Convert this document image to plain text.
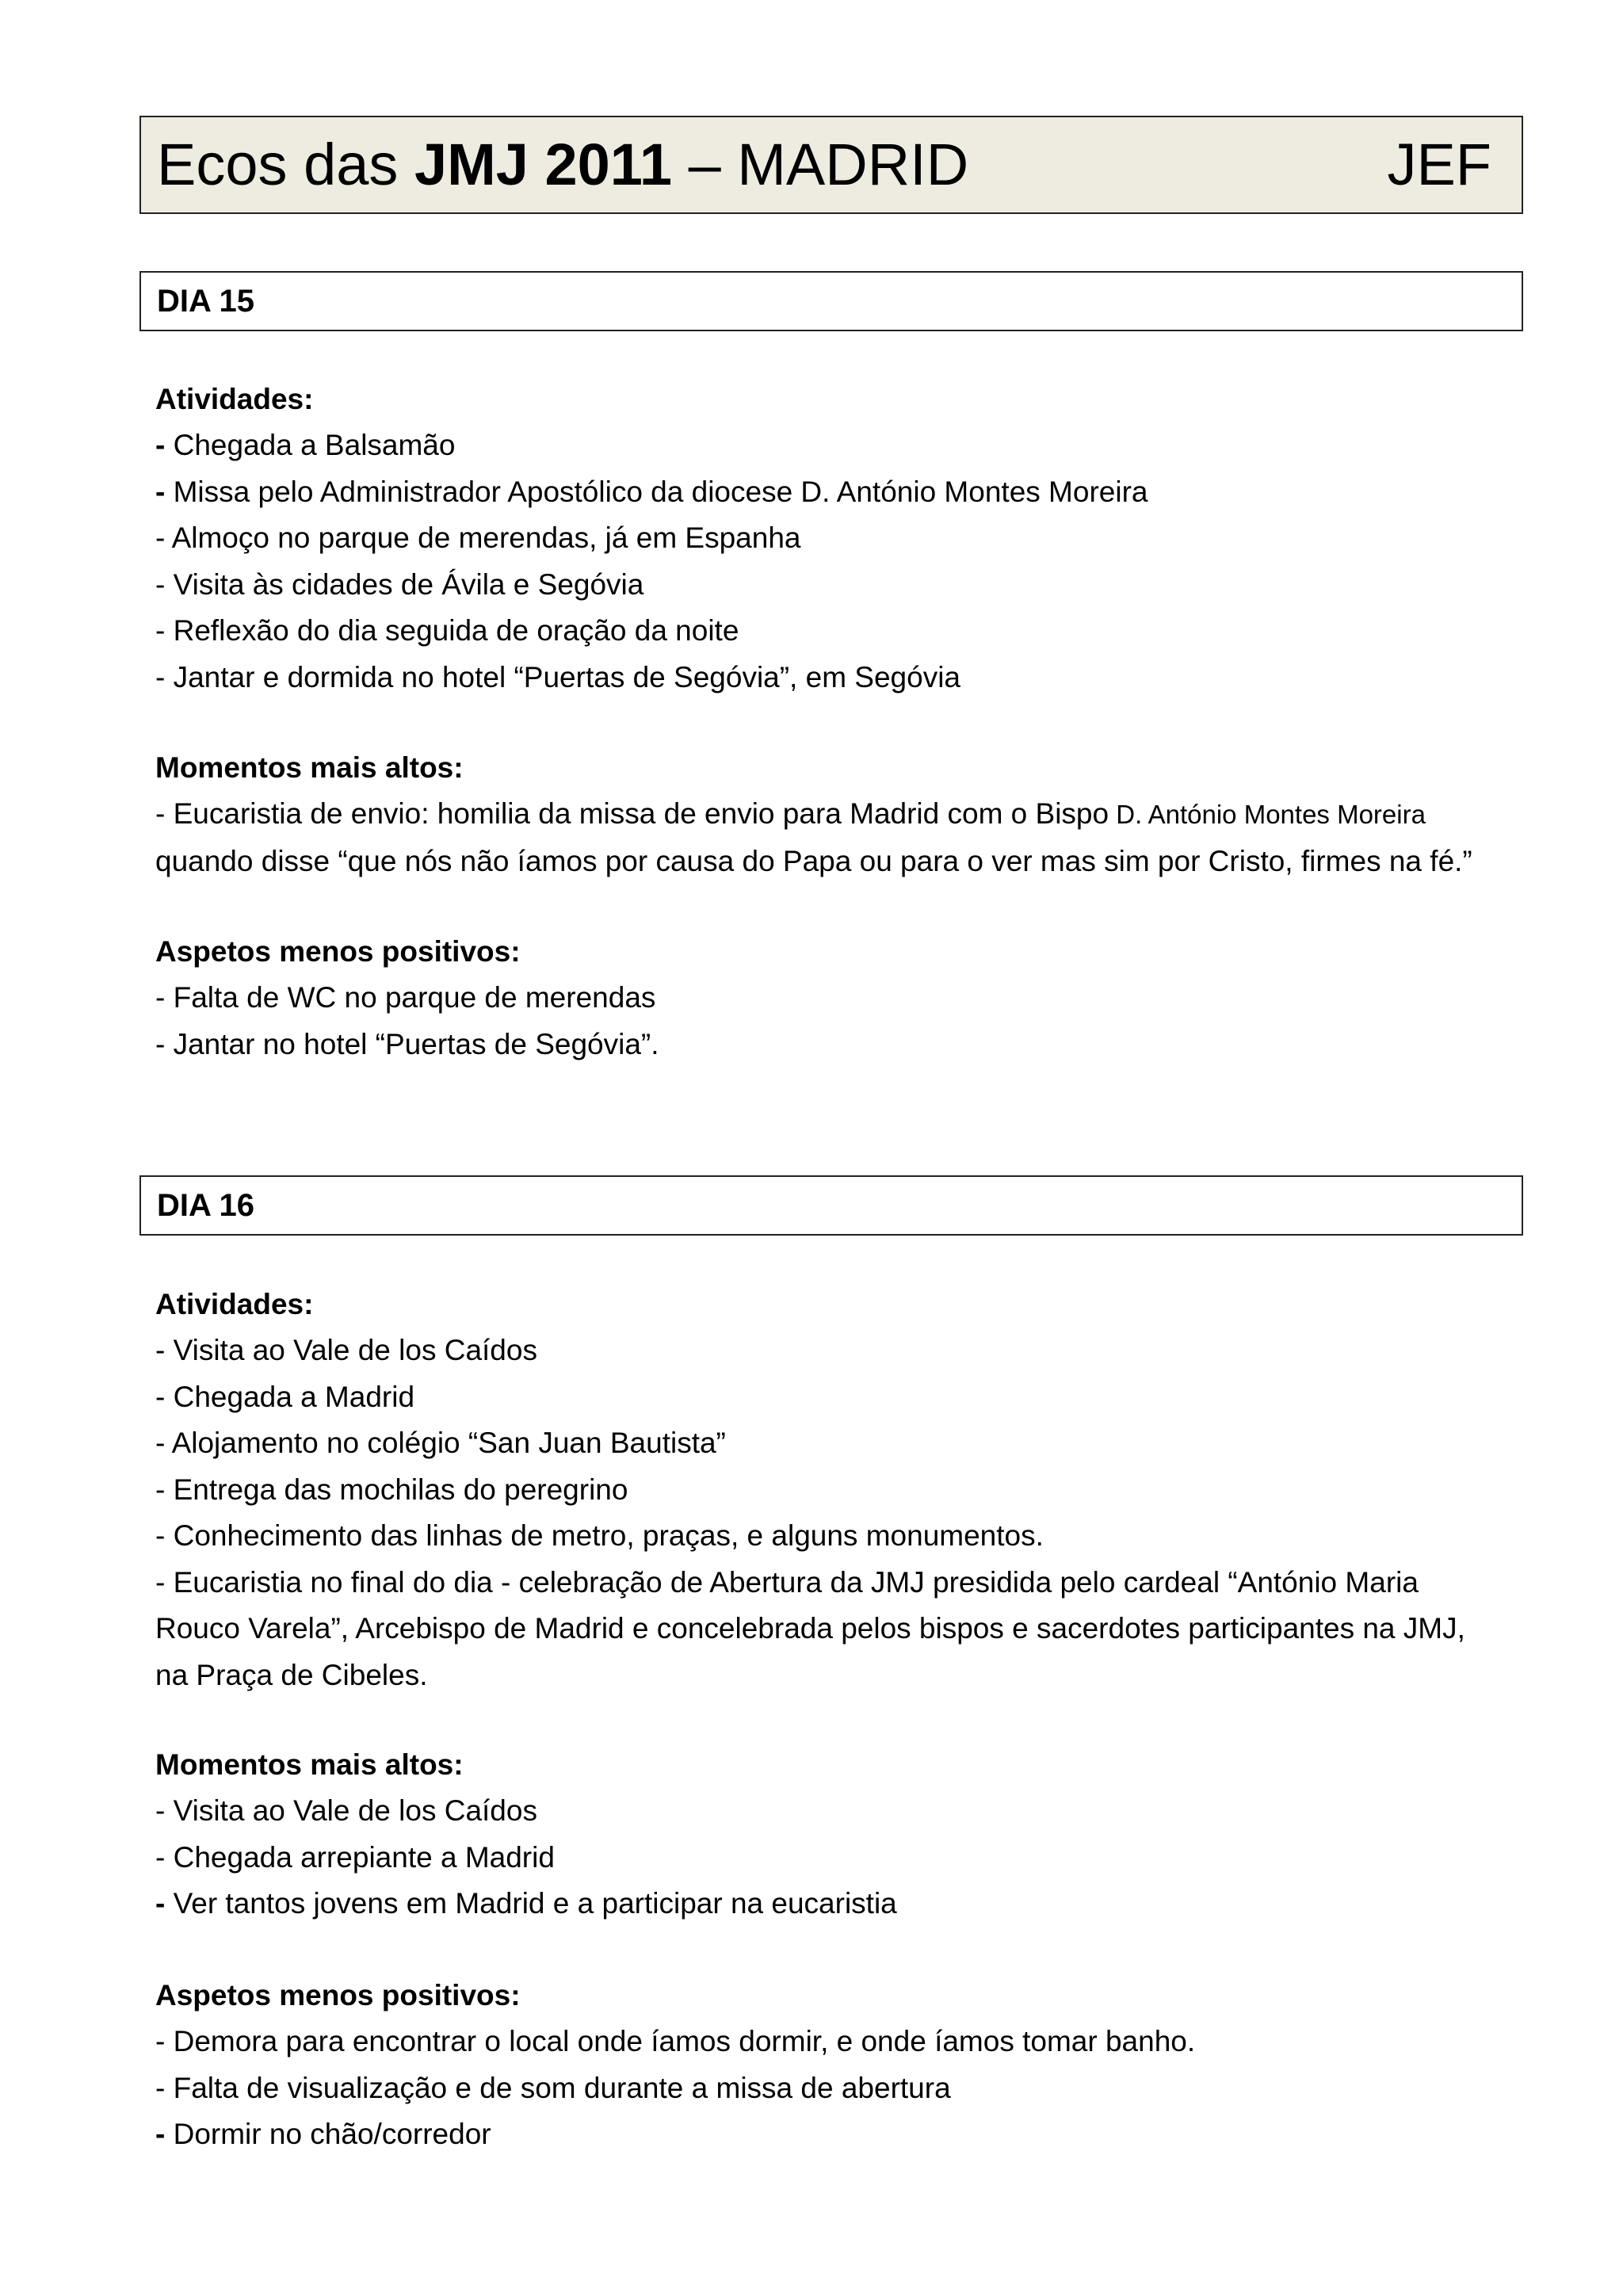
Ecos das JMJ 2011 – MADRID	JEF
DIA 15
Atividades:
- Chegada a Balsamão
- Missa pelo Administrador Apostólico da diocese D. António Montes Moreira
- Almoço no parque de merendas, já em Espanha
- Visita às cidades de Ávila e Segóvia
- Reflexão do dia seguida de oração da noite
- Jantar e dormida no hotel “Puertas de Segóvia”, em Segóvia
Momentos mais altos:
- Eucaristia de envio: homilia da missa de envio para Madrid com o Bispo D. António Montes Moreira
quando disse “que nós não íamos por causa do Papa ou para o ver mas sim por Cristo, firmes na fé.”
Aspetos menos positivos:
- Falta de WC no parque de merendas
- Jantar no hotel “Puertas de Segóvia”.
DIA 16
Atividades:
- Visita ao Vale de los Caídos
- Chegada a Madrid
- Alojamento no colégio “San Juan Bautista”
- Entrega das mochilas do peregrino
- Conhecimento das linhas de metro, praças, e alguns monumentos.
- Eucaristia no final do dia - celebração de Abertura da JMJ presidida pelo cardeal “António Maria
Rouco Varela”, Arcebispo de Madrid e concelebrada pelos bispos e sacerdotes participantes na JMJ,
na Praça de Cibeles.
Momentos mais altos:
- Visita ao Vale de los Caídos
- Chegada arrepiante a Madrid
- Ver tantos jovens em Madrid e a participar na eucaristia
Aspetos menos positivos:
- Demora para encontrar o local onde íamos dormir, e onde íamos tomar banho.
- Falta de visualização e de som durante a missa de abertura
- Dormir no chão/corredor
